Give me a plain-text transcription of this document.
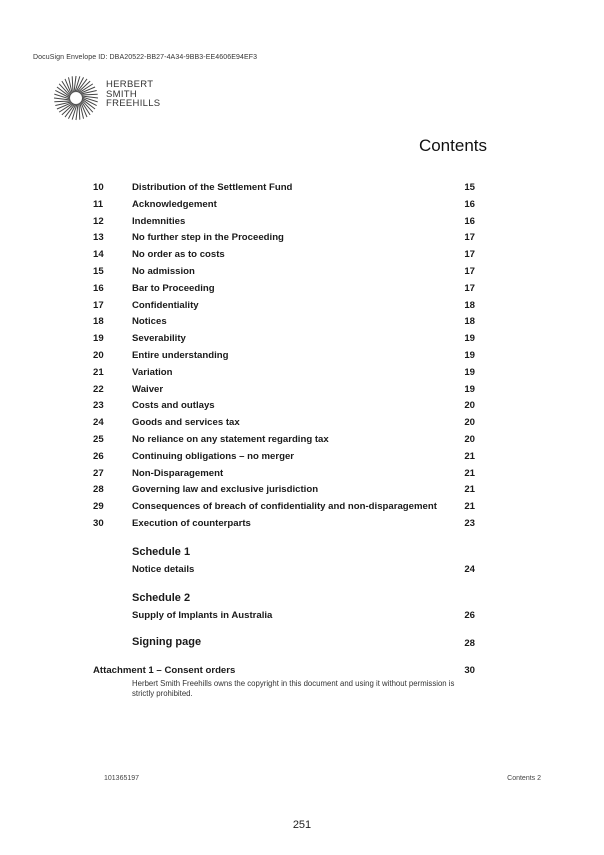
DocuSign Envelope ID: DBA20522-BB27-4A34-9BB3-EE4606E94EF3
HERBERT
SMITH
FREEHILLS
Contents
10	Distribution of the Settlement Fund	15
11	Acknowledgement	16
12	Indemnities	16
13	No further step in the Proceeding	17
14	No order as to costs	17
15	No admission	17
16	Bar to Proceeding	17
17	Confidentiality	18
18	Notices	18
19	Severability	19
20	Entire understanding	19
21	Variation	19
22	Waiver	19
23	Costs and outlays	20
24	Goods and services tax	20
25	No reliance on any statement regarding tax	20
26	Continuing obligations – no merger	21
27	Non-Disparagement	21
28	Governing law and exclusive jurisdiction	21
29	Consequences of breach of confidentiality and non-disparagement	21
30	Execution of counterparts	23
Schedule 1
Notice details	24
Schedule 2
Supply of Implants in Australia	26
Signing page	28
Attachment 1 – Consent orders	30
Herbert Smith Freehills owns the copyright in this document and using it without permission is strictly prohibited.
101365197	Contents 2
251
